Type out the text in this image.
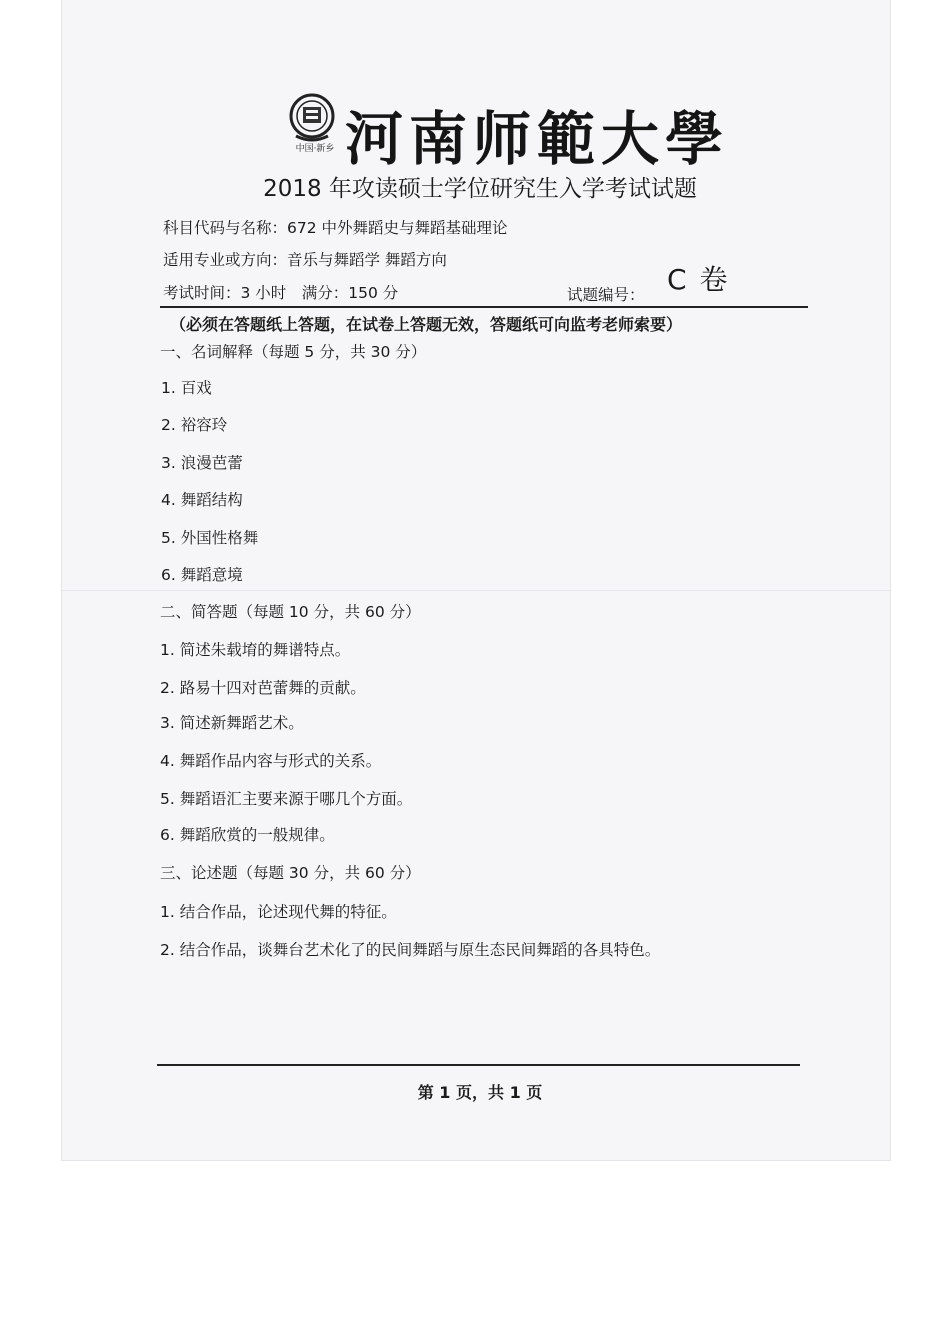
中国·新乡 河南师範大學
2018 年攻读硕士学位研究生入学考试试题
科目代码与名称：672 中外舞蹈史与舞蹈基础理论
适用专业或方向：音乐与舞蹈学 舞蹈方向
考试时间：3 小时　满分：150 分	试题编号： C 卷
（必须在答题纸上答题，在试卷上答题无效，答题纸可向监考老师索要）
一、名词解释（每题 5 分，共 30 分）
1. 百戏
2. 裕容玲
3. 浪漫芭蕾
4. 舞蹈结构
5. 外国性格舞
6. 舞蹈意境
二、简答题（每题 10 分，共 60 分）
1. 简述朱载堉的舞谱特点。
2. 路易十四对芭蕾舞的贡献。
3. 简述新舞蹈艺术。
4. 舞蹈作品内容与形式的关系。
5. 舞蹈语汇主要来源于哪几个方面。
6. 舞蹈欣赏的一般规律。
三、论述题（每题 30 分，共 60 分）
1. 结合作品，论述现代舞的特征。
2. 结合作品，谈舞台艺术化了的民间舞蹈与原生态民间舞蹈的各具特色。
第 1 页，共 1 页
